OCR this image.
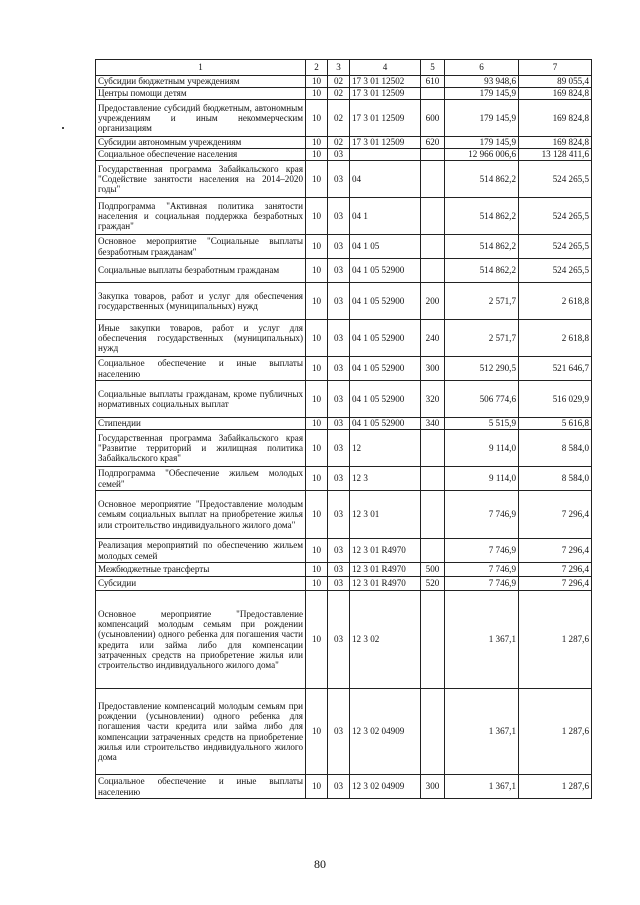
1	2	3	4	5	6	7
Субсидии бюджетным учреждениям	10	02	17 3 01 12502	610	93 948,6	89 055,4
Центры помощи детям	10	02	17 3 01 12509		179 145,9	169 824,8
Предоставление субсидий бюджетным, автономным учреждениям и иным некоммерческим организациям	10	02	17 3 01 12509	600	179 145,9	169 824,8
Субсидии автономным учреждениям	10	02	17 3 01 12509	620	179 145,9	169 824,8
Социальное обеспечение населения	10	03			12 966 006,6	13 128 411,6
Государственная программа Забайкальского края "Содействие занятости населения на 2014–2020 годы"	10	03	04		514 862,2	524 265,5
Подпрограмма "Активная политика занятости населения и социальная поддержка безработных граждан"	10	03	04 1		514 862,2	524 265,5
Основное мероприятие "Социальные выплаты безработным гражданам"	10	03	04 1 05		514 862,2	524 265,5
Социальные выплаты безработным гражданам	10	03	04 1 05 52900		514 862,2	524 265,5
Закупка товаров, работ и услуг для обеспечения государственных (муниципальных) нужд	10	03	04 1 05 52900	200	2 571,7	2 618,8
Иные закупки товаров, работ и услуг для обеспечения государственных (муниципальных) нужд	10	03	04 1 05 52900	240	2 571,7	2 618,8
Социальное обеспечение и иные выплаты населению	10	03	04 1 05 52900	300	512 290,5	521 646,7
Социальные выплаты гражданам, кроме публичных нормативных социальных выплат	10	03	04 1 05 52900	320	506 774,6	516 029,9
Стипендии	10	03	04 1 05 52900	340	5 515,9	5 616,8
Государственная программа Забайкальского края "Развитие территорий и жилищная политика Забайкальского края"	10	03	12		9 114,0	8 584,0
Подпрограмма "Обеспечение жильем молодых семей"	10	03	12 3		9 114,0	8 584,0
Основное мероприятие "Предоставление молодым семьям социальных выплат на приобретение жилья или строительство индивидуального жилого дома"	10	03	12 3 01		7 746,9	7 296,4
Реализация мероприятий по обеспечению жильем молодых семей	10	03	12 3 01 R4970		7 746,9	7 296,4
Межбюджетные трансферты	10	03	12 3 01 R4970	500	7 746,9	7 296,4
Субсидии	10	03	12 3 01 R4970	520	7 746,9	7 296,4
Основное мероприятие "Предоставление компенсаций молодым семьям при рождении (усыновлении) одного ребенка для погашения части кредита или займа либо для компенсации затраченных средств на приобретение жилья или строительство индивидуального жилого дома"	10	03	12 3 02		1 367,1	1 287,6
Предоставление компенсаций молодым семьям при рождении (усыновлении) одного ребенка для погашения части кредита или займа либо для компенсации затраченных средств на приобретение жилья или строительство индивидуального жилого дома	10	03	12 3 02 04909		1 367,1	1 287,6
Социальное обеспечение и иные выплаты населению	10	03	12 3 02 04909	300	1 367,1	1 287,6
80
